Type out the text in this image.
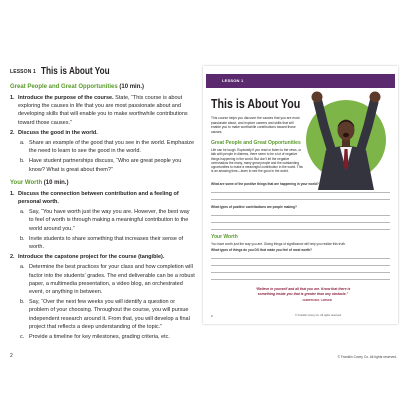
LESSON 1 This is About You
Great People and Great Opportunities (10 min.)
1. Introduce the purpose of the course. State, “This course is about exploring the causes in life that you are most passionate about and developing skills that will enable you to make worthwhile contributions toward those causes.”
2. Discuss the good in the world.
a. Share an example of the good that you see in the world. Emphasize the need to learn to see the good in the world.
b. Have student partnerships discuss, “Who are great people you know? What is great about them?”
Your Worth (10 min.)
1. Discuss the connection between contribution and a feeling of personal worth.
a. Say, “You have worth just the way you are. However, the best way to feel of worth is through making a meaningful contribution to the world around you.”
b. Invite students to share something that increases their sense of worth.
2. Introduce the capstone project for the course (tangible).
a. Determine the best practices for your class and how completion will factor into the students’ grades. The end deliverable can be a robust paper, a multimedia presentation, a video blog, an orchestrated event, or anything in between.
b. Say, “Over the next few weeks you will identify a question or problem of your choosing. Throughout the course, you will pursue independent research around it. From that, you will develop a final project that reflects a deep understanding of the topic.”
c. Provide a timeline for key milestones, grading criteria, etc.
2
LESSON 1
This is About You
This course helps you discover the causes that you are most passionate about, and explore careers and skills that will enable you to make worthwhile contributions toward those causes.
Great People and Great Opportunities
Life can be tough. Especially if you read or listen to the news, or talk with people in distress, there seem to be a lot of negative things happening in the world. But don’t let the negative overshadow the many, many great people and the outstanding opportunities to make a meaningful contribution in the world. This is an amazing time—learn to see the good in the world.
What are some of the positive things that are happening in your world?
What types of positive contributions are people making?
Your Worth
You have worth just the way you are. Giving things of significance will help you realize this truth.
What types of things do you DO that make you feel of most worth?
“Believe in yourself and all that you are. Know that there is something inside you that is greater than any obstacle.”
- CHRISTIAN D. LARSON
2	© Franklin Covey Co. All rights reserved.
© Franklin Covey Co. All rights reserved.
